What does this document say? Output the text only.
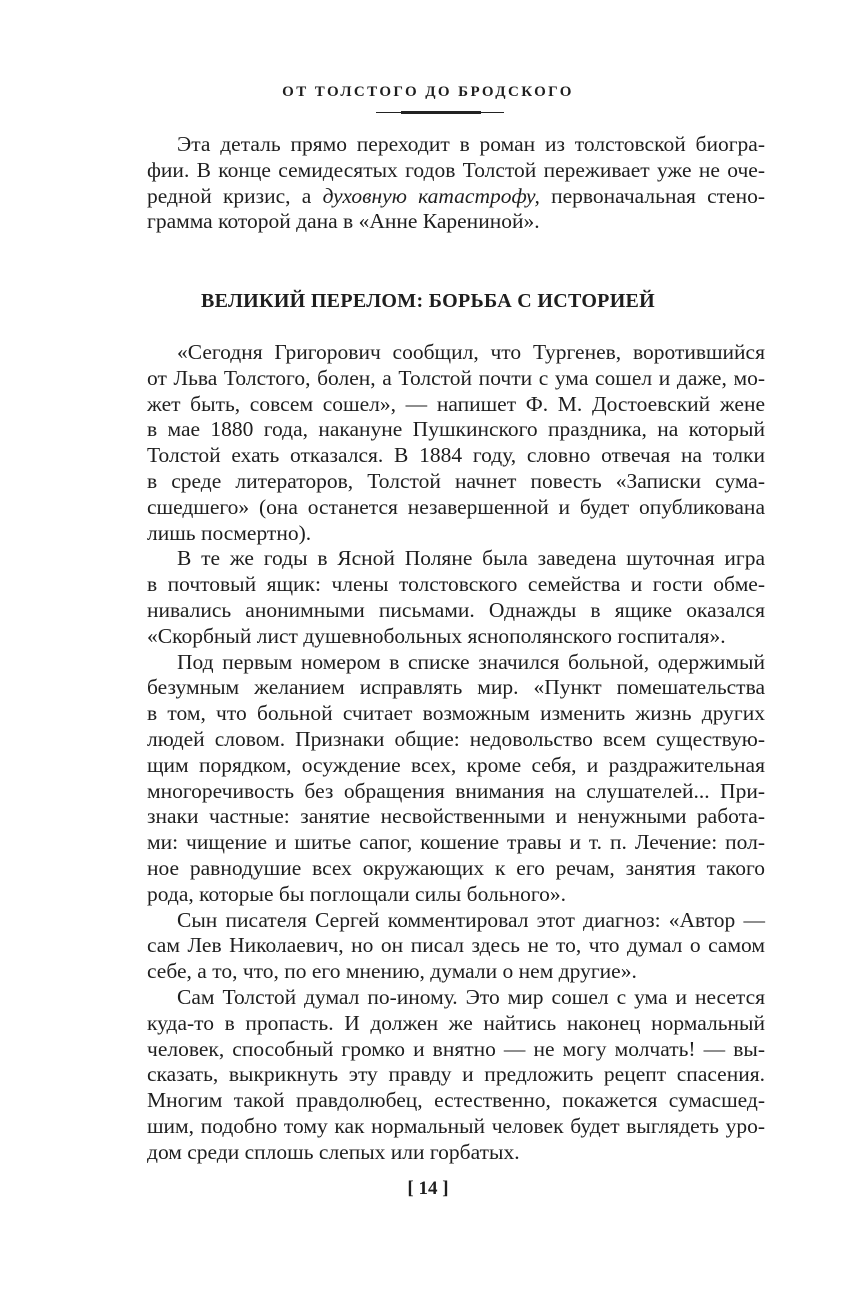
ОТ ТОЛСТОГО ДО БРОДСКОГО
Эта деталь прямо переходит в роман из толстовской биогра-
фии. В конце семидесятых годов Толстой переживает уже не оче-
редной кризис, а духовную катастрофу, первоначальная стено-
грамма которой дана в «Анне Карениной».
ВЕЛИКИЙ ПЕРЕЛОМ: БОРЬБА С ИСТОРИЕЙ
«Сегодня Григорович сообщил, что Тургенев, воротившийся
от Льва Толстого, болен, а Толстой почти с ума сошел и даже, мо-
жет быть, совсем сошел», — напишет Ф. М. Достоевский жене
в мае 1880 года, накануне Пушкинского праздника, на который
Толстой ехать отказался. В 1884 году, словно отвечая на толки
в среде литераторов, Толстой начнет повесть «Записки сума-
сшедшего» (она останется незавершенной и будет опубликована
лишь посмертно).
В те же годы в Ясной Поляне была заведена шуточная игра
в почтовый ящик: члены толстовского семейства и гости обме-
нивались анонимными письмами. Однажды в ящике оказался
«Скорбный лист душевнобольных яснополянского госпиталя».
Под первым номером в списке значился больной, одержимый
безумным желанием исправлять мир. «Пункт помешательства
в том, что больной считает возможным изменить жизнь других
людей словом. Признаки общие: недовольство всем существую-
щим порядком, осуждение всех, кроме себя, и раздражительная
многоречивость без обращения внимания на слушателей... При-
знаки частные: занятие несвойственными и ненужными работа-
ми: чищение и шитье сапог, кошение травы и т. п. Лечение: пол-
ное равнодушие всех окружающих к его речам, занятия такого
рода, которые бы поглощали силы больного».
Сын писателя Сергей комментировал этот диагноз: «Автор —
сам Лев Николаевич, но он писал здесь не то, что думал о самом
себе, а то, что, по его мнению, думали о нем другие».
Сам Толстой думал по-иному. Это мир сошел с ума и несется
куда-то в пропасть. И должен же найтись наконец нормальный
человек, способный громко и внятно — не могу молчать! — вы-
сказать, выкрикнуть эту правду и предложить рецепт спасения.
Многим такой правдолюбец, естественно, покажется сумасшед-
шим, подобно тому как нормальный человек будет выглядеть уро-
дом среди сплошь слепых или горбатых.
[ 14 ]
